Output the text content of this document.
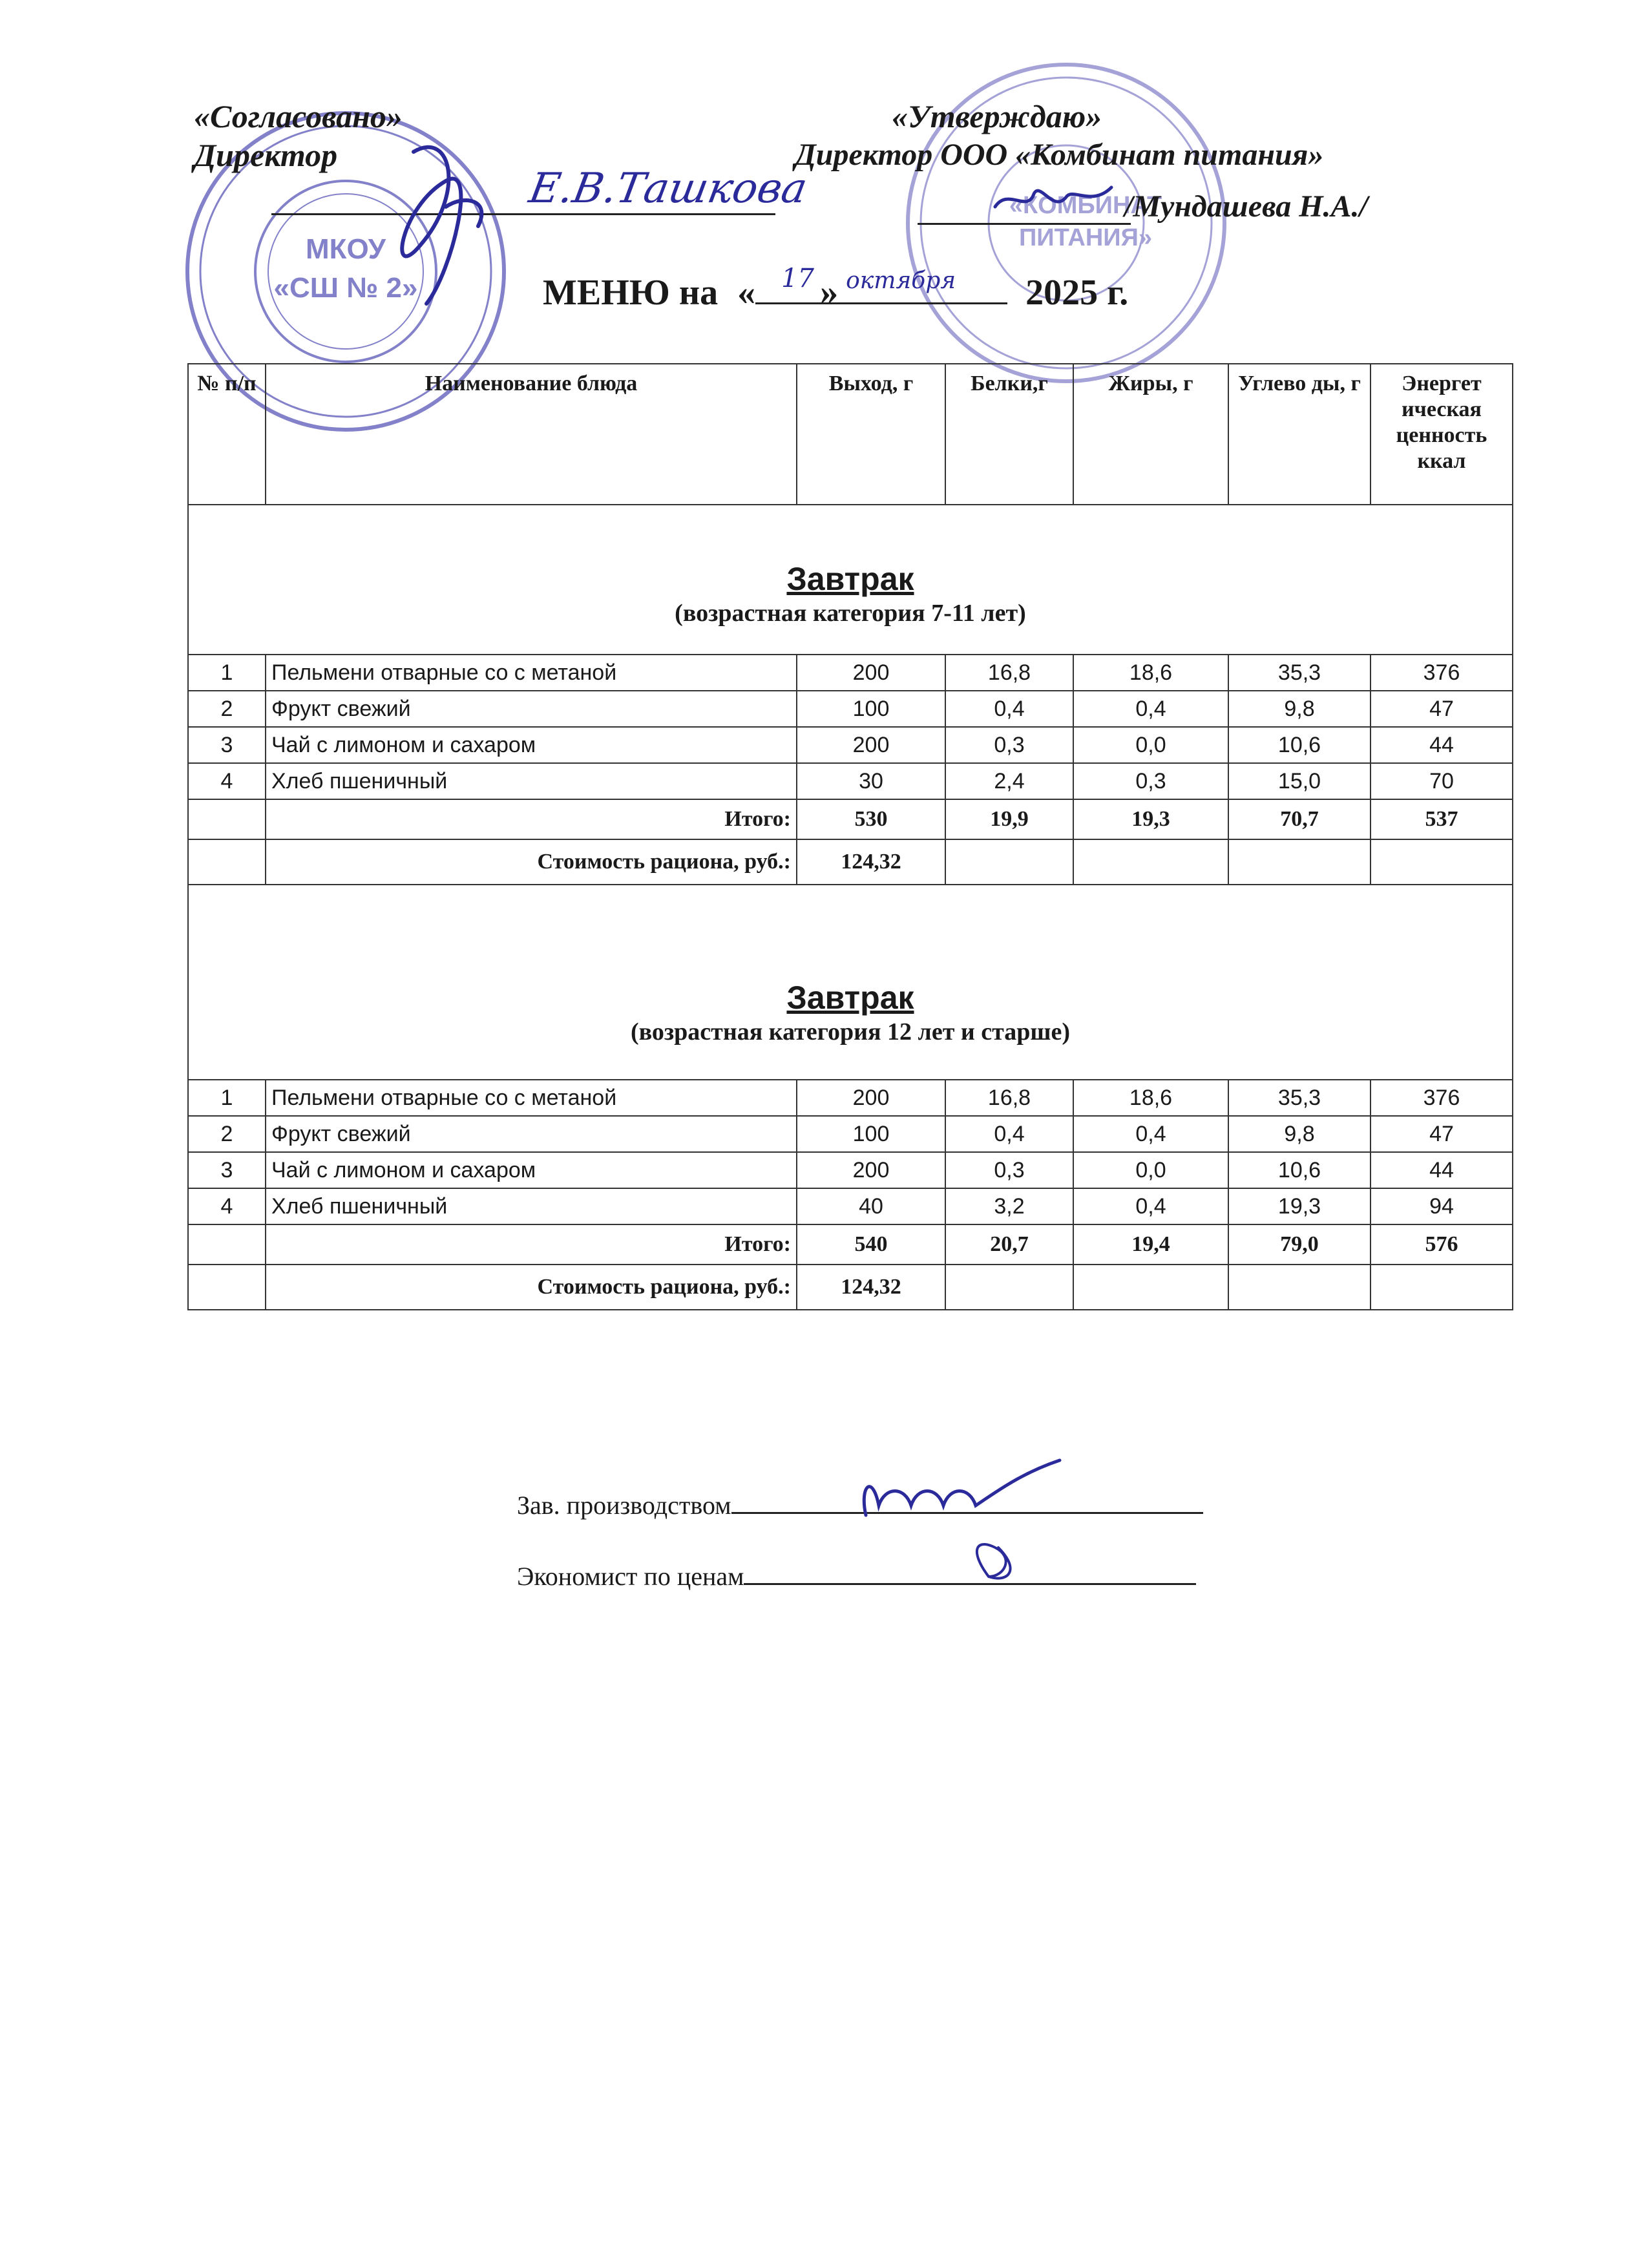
МКОУ
«СШ № 2»
«КОМБИНАТ
ПИТАНИЯ»
«Согласовано»
Директор
Е.В.Ташкова
«Утверждаю»
Директор ООО «Комбинат питания»
/Мундашева Н.А./
МЕНЮ на « 17 » октября 2025 г.
№ п/п	Наименование блюда	Выход, г	Белки,г	Жиры, г	Углево ды, г	Энергет ическая ценность ккал

Завтрак
(возрастная категория 7-11 лет)						

1	Пельмени отварные со с метаной	200	16,8	18,6	35,3	376
2	Фрукт свежий	100	0,4	0,4	9,8	47
3	Чай с лимоном и сахаром	200	0,3	0,0	10,6	44
4	Хлеб пшеничный	30	2,4	0,3	15,0	70
	Итого:	530	19,9	19,3	70,7	537
	Стоимость рациона, руб.:	124,32				

Завтрак
(возрастная категория 12 лет и старше)						

1	Пельмени отварные со с метаной	200	16,8	18,6	35,3	376
2	Фрукт свежий	100	0,4	0,4	9,8	47
3	Чай с лимоном и сахаром	200	0,3	0,0	10,6	44
4	Хлеб пшеничный	40	3,2	0,4	19,3	94
	Итого:	540	20,7	19,4	79,0	576
	Стоимость рациона, руб.:	124,32				
Зав. производством
Экономист по ценам
